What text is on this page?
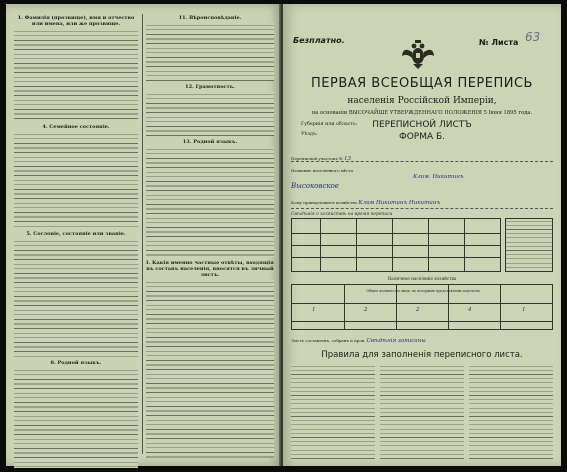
1. Фамилія (прозвище), имя и отчество или имена, или же прозвище.
4. Семейное состояніе.
5. Сословіе, состояніе или званіе.
8. Родной языкъ.
11. Вѣроисповѣданіе.
12. Грамотность.
13. Родной языкъ.
I. Какія именно частные отвѣты, входящія въ составъ населенія, вносятся въ личный листъ.
Безплатно.	№ Листа 63
ПЕРВАЯ ВСЕОБЩАЯ ПЕРЕПИСЬ
населенія Россійской Имперіи,
на основаніи ВЫСОЧАЙШЕ УТВЕРЖДЕННАГО ПОЛОЖЕНІЯ 5 Іюня 1895 года.
Губернія или область:
Уѣздъ:
ПЕРЕПИСНОЙ ЛИСТЪ
ФОРМА Б.
Переписной участокъ № 13
Название населенного мѣста
Клим. Никитинъ
Высоковское
Кому принадлежитъ хозяйство Клим Никитинъ Никитинъ
Свѣдѣнія о хозяйствѣ на время переписи
Наличное населеніе хозяйства
Общее количество лицъ, по которымъ представлены подсчеты
1	2	2	4	1
Листъ составленъ, собранъ и пров. Свѣдѣнія записаны
Правила для заполненія переписного листа.
